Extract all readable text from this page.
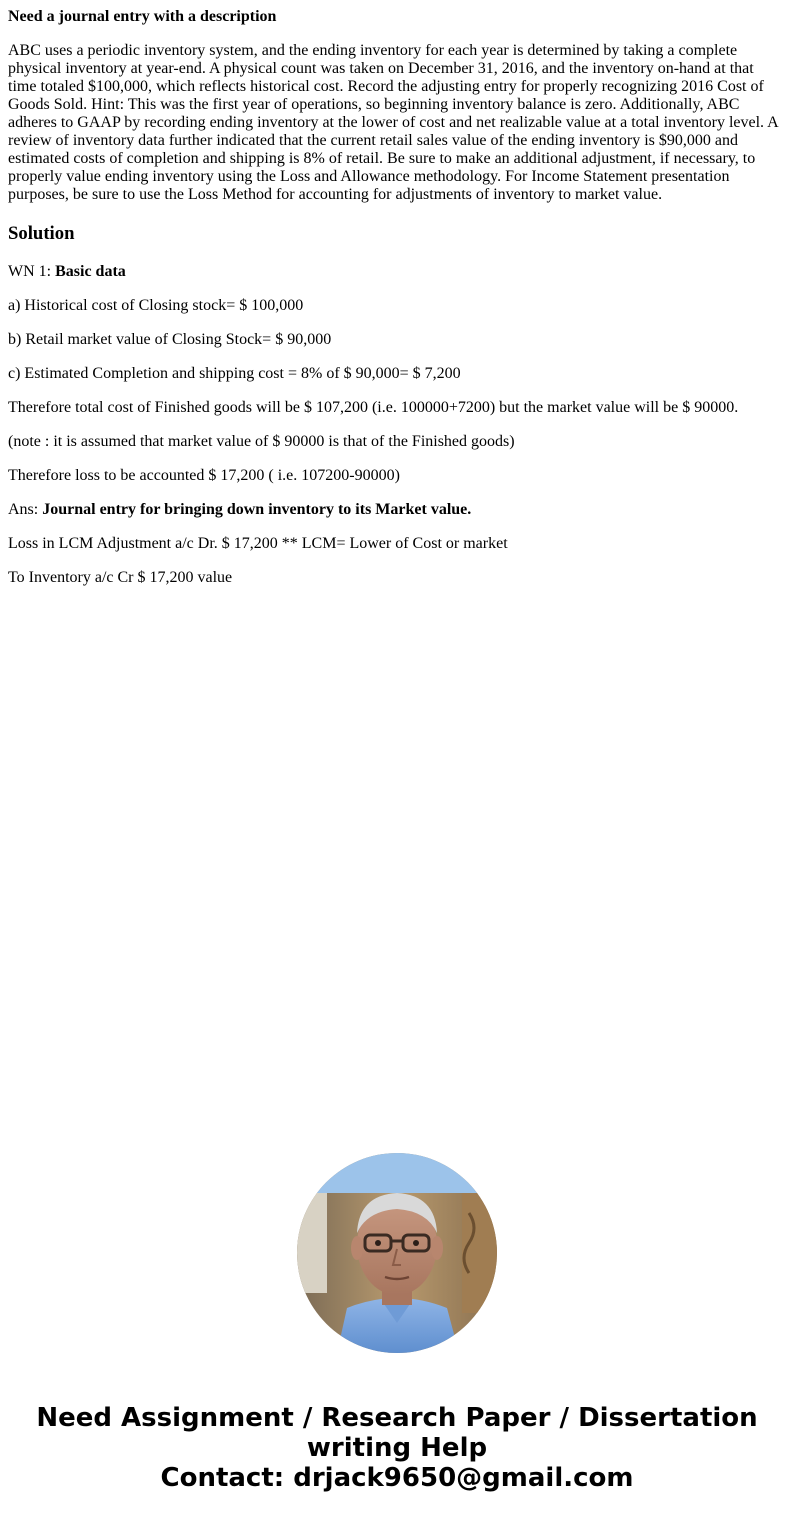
Need a journal entry with a description
ABC uses a periodic inventory system, and the ending inventory for each year is determined by taking a complete physical inventory at year-end. A physical count was taken on December 31, 2016, and the inventory on-hand at that time totaled $100,000, which reflects historical cost. Record the adjusting entry for properly recognizing 2016 Cost of Goods Sold. Hint: This was the first year of operations, so beginning inventory balance is zero. Additionally, ABC adheres to GAAP by recording ending inventory at the lower of cost and net realizable value at a total inventory level. A review of inventory data further indicated that the current retail sales value of the ending inventory is $90,000 and estimated costs of completion and shipping is 8% of retail. Be sure to make an additional adjustment, if necessary, to properly value ending inventory using the Loss and Allowance methodology. For Income Statement presentation purposes, be sure to use the Loss Method for accounting for adjustments of inventory to market value.
Solution
WN 1: Basic data
a) Historical cost of Closing stock= $ 100,000
b) Retail market value of Closing Stock= $ 90,000
c) Estimated Completion and shipping cost = 8% of $ 90,000= $ 7,200
Therefore total cost of Finished goods will be $ 107,200 (i.e. 100000+7200) but the market value will be $ 90000.
(note : it is assumed that market value of $ 90000 is that of the Finished goods)
Therefore loss to be accounted $ 17,200 ( i.e. 107200-90000)
Ans: Journal entry for bringing down inventory to its Market value.
Loss in LCM Adjustment a/c Dr. $ 17,200 ** LCM= Lower of Cost or market
To Inventory a/c Cr $ 17,200 value
Need Assignment / Research Paper / Dissertation
writing Help
Contact: drjack9650@gmail.com
